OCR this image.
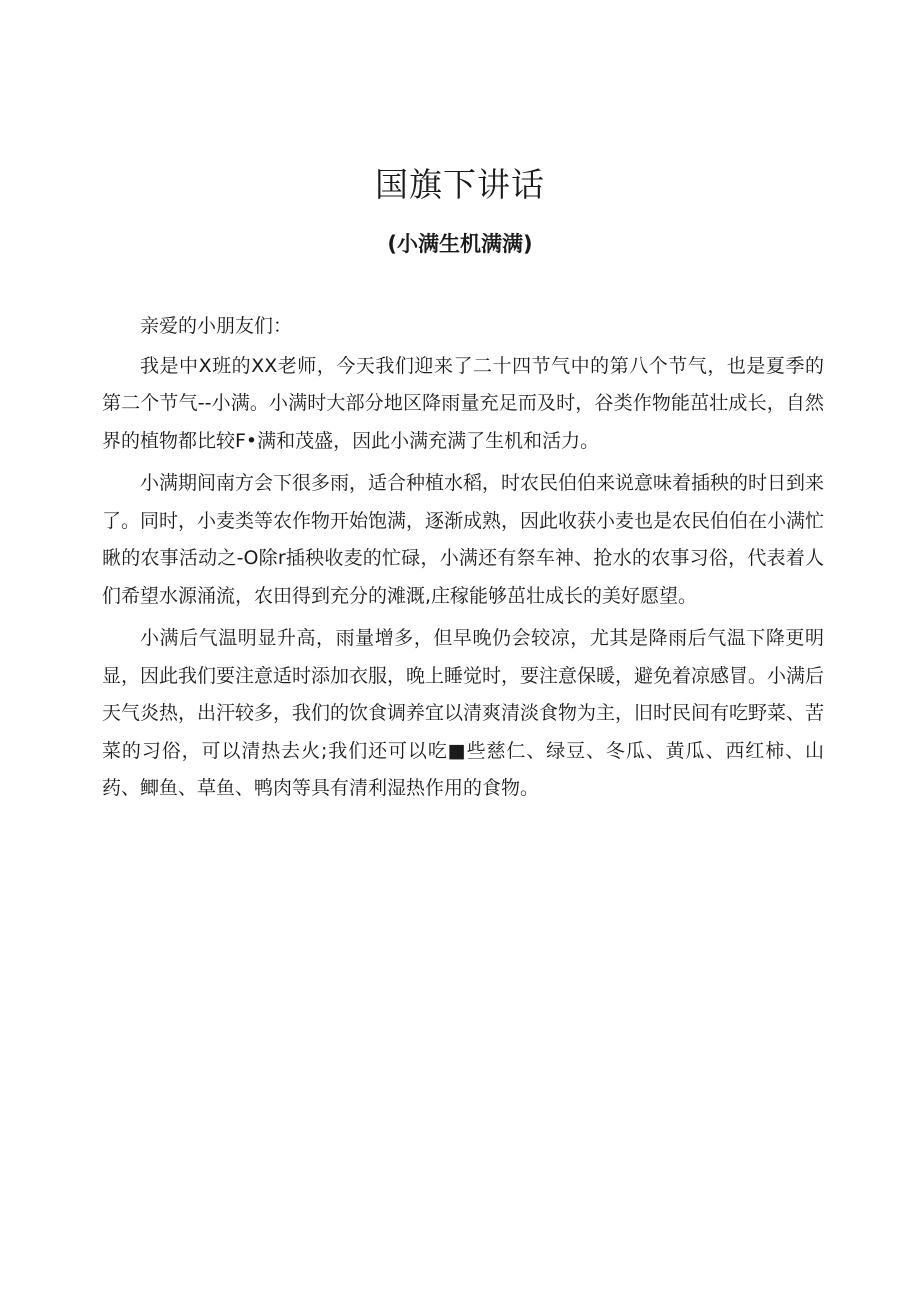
国旗下讲话
(小满生机满满)

亲爱的小朋友们：

我是中X班的XX老师，今天我们迎来了二十四节气中的第八个节气，也是夏季的第二个节气--小满。小满时大部分地区降雨量充足而及时，谷类作物能茁壮成长，自然界的植物都比较F•满和茂盛，因此小满充满了生机和活力。

小满期间南方会下很多雨，适合种植水稻，时农民伯伯来说意味着插秧的时日到来了。同时，小麦类等农作物开始饱满，逐渐成熟，因此收获小麦也是农民伯伯在小满忙瞅的农事活动之-O除r插秧收麦的忙碌，小满还有祭车神、抢水的农事习俗，代表着人们希望水源涌流，农田得到充分的滩溉,庄稼能够茁壮成长的美好愿望。

小满后气温明显升高，雨量增多，但早晚仍会较凉，尤其是降雨后气温下降更明显，因此我们要注意适时添加衣服，晚上睡觉时，要注意保暖，避免着凉感冒。小满后天气炎热，出汗较多，我们的饮食调养宜以清爽清淡食物为主，旧时民间有吃野菜、苦菜的习俗，可以清热去火;我们还可以吃■些慈仁、绿豆、冬瓜、黄瓜、西红柿、山药、鲫鱼、草鱼、鸭肉等具有清利湿热作用的食物。
